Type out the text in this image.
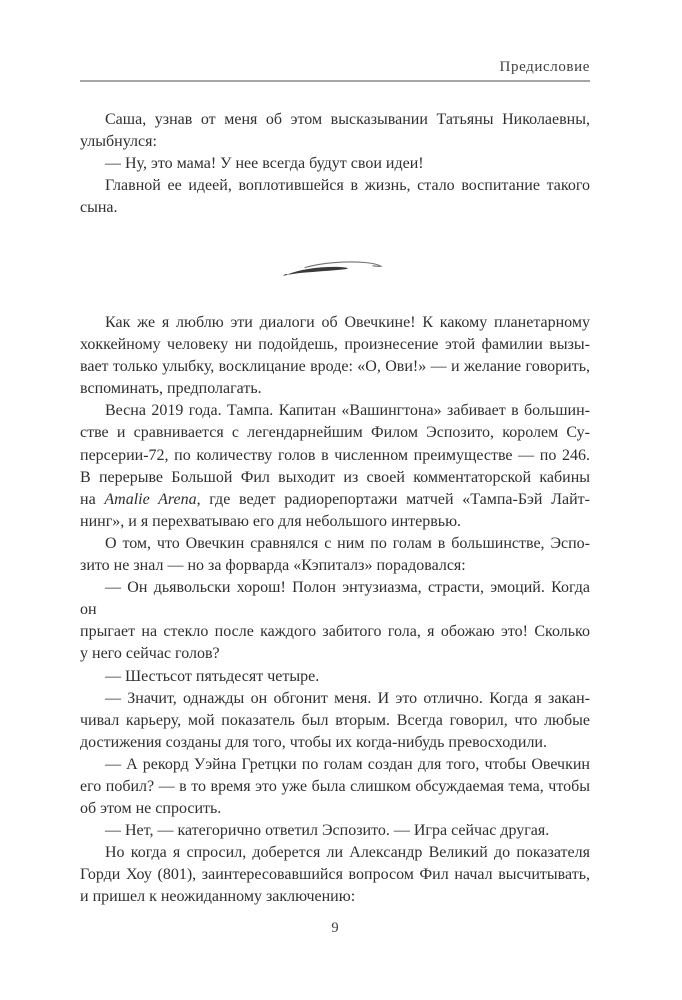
Предисловие
Саша, узнав от меня об этом высказывании Татьяны Николаевны,
улыбнулся:
— Ну, это мама! У нее всегда будут свои идеи!
Главной ее идеей, воплотившейся в жизнь, стало воспитание такого
сына.
Как же я люблю эти диалоги об Овечкине! К какому планетарному
хоккейному человеку ни подойдешь, произнесение этой фамилии вызы-
вает только улыбку, восклицание вроде: «О, Ови!» — и желание говорить,
вспоминать, предполагать.
Весна 2019 года. Тампа. Капитан «Вашингтона» забивает в большин-
стве и сравнивается с легендарнейшим Филом Эспозито, королем Су-
персерии-72, по количеству голов в численном преимуществе — по 246.
В перерыве Большой Фил выходит из своей комментаторской кабины
на Amalie Arena, где ведет радиорепортажи матчей «Тампа-Бэй Лайт-
нинг», и я перехватываю его для небольшого интервью.
О том, что Овечкин сравнялся с ним по голам в большинстве, Эспо-
зито не знал — но за форварда «Кэпиталз» порадовался:
— Он дьявольски хорош! Полон энтузиазма, страсти, эмоций. Когда он
прыгает на стекло после каждого забитого гола, я обожаю это! Сколько
у него сейчас голов?
— Шестьсот пятьдесят четыре.
— Значит, однажды он обгонит меня. И это отлично. Когда я закан-
чивал карьеру, мой показатель был вторым. Всегда говорил, что любые
достижения созданы для того, чтобы их когда-нибудь превосходили.
— А рекорд Уэйна Гретцки по голам создан для того, чтобы Овечкин
его побил? — в то время это уже была слишком обсуждаемая тема, чтобы
об этом не спросить.
— Нет, — категорично ответил Эспозито. — Игра сейчас другая.
Но когда я спросил, доберется ли Александр Великий до показателя
Горди Хоу (801), заинтересовавшийся вопросом Фил начал высчитывать,
и пришел к неожиданному заключению:
9
